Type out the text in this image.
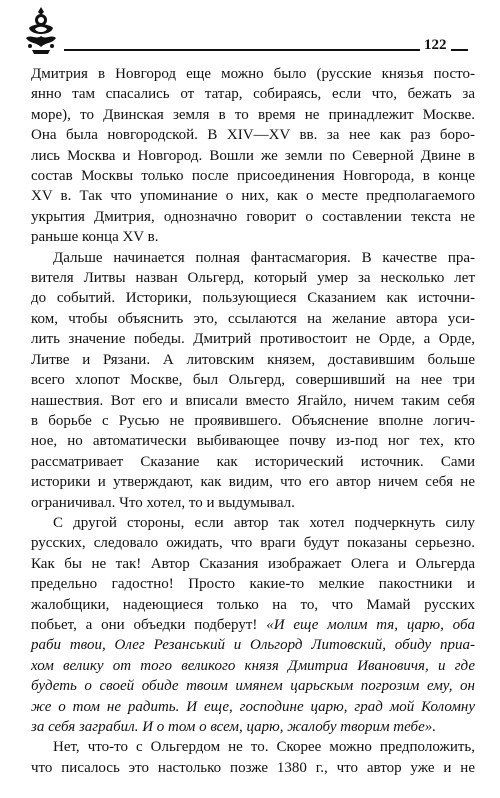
122

Дмитрия в Новгород еще можно было (русские князья посто-
янно там спасались от татар, собираясь, если что, бежать за
море), то Двинская земля в то время не принадлежит Москве.
Она была новгородской. В XIV—XV вв. за нее как раз боро-
лись Москва и Новгород. Вошли же земли по Северной Двине в
состав Москвы только после присоединения Новгорода, в конце
XV в. Так что упоминание о них, как о месте предполагаемого
укрытия Дмитрия, однозначно говорит о составлении текста не
раньше конца XV в.

Дальше начинается полная фантасмагория. В качестве пра-
вителя Литвы назван Ольгерд, который умер за несколько лет
до событий. Историки, пользующиеся Сказанием как источни-
ком, чтобы объяснить это, ссылаются на желание автора уси-
лить значение победы. Дмитрий противостоит не Орде, а Орде,
Литве и Рязани. А литовским князем, доставившим больше
всего хлопот Москве, был Ольгерд, совершивший на нее три
нашествия. Вот его и вписали вместо Ягайло, ничем таким себя
в борьбе с Русью не проявившего. Объяснение вполне логич-
ное, но автоматически выбивающее почву из-под ног тех, кто
рассматривает Сказание как исторический источник. Сами
историки и утверждают, как видим, что его автор ничем себя не
ограничивал. Что хотел, то и выдумывал.

С другой стороны, если автор так хотел подчеркнуть силу
русских, следовало ожидать, что враги будут показаны серьезно.
Как бы не так! Автор Сказания изображает Олега и Ольгерда
предельно гадостно! Просто какие-то мелкие пакостники и
жалобщики, надеющиеся только на то, что Мамай русских
побьет, а они объедки подберут! «И еще молим тя, царю, оба
раби твои, Олег Резанський и Ольгорд Литовский, обиду приа-
хом велику от того великого князя Дмитриа Ивановичя, и где
будеть о своей обиде твоим имянем царьскым погрозим ему, он
же о том не радить. И еще, господине царю, град мой Коломну
за себя заграбил. И о том о всем, царю, жалобу творим тебе».

Нет, что-то с Ольгердом не то. Скорее можно предположить,
что писалось это настолько позже 1380 г., что автор уже и не
